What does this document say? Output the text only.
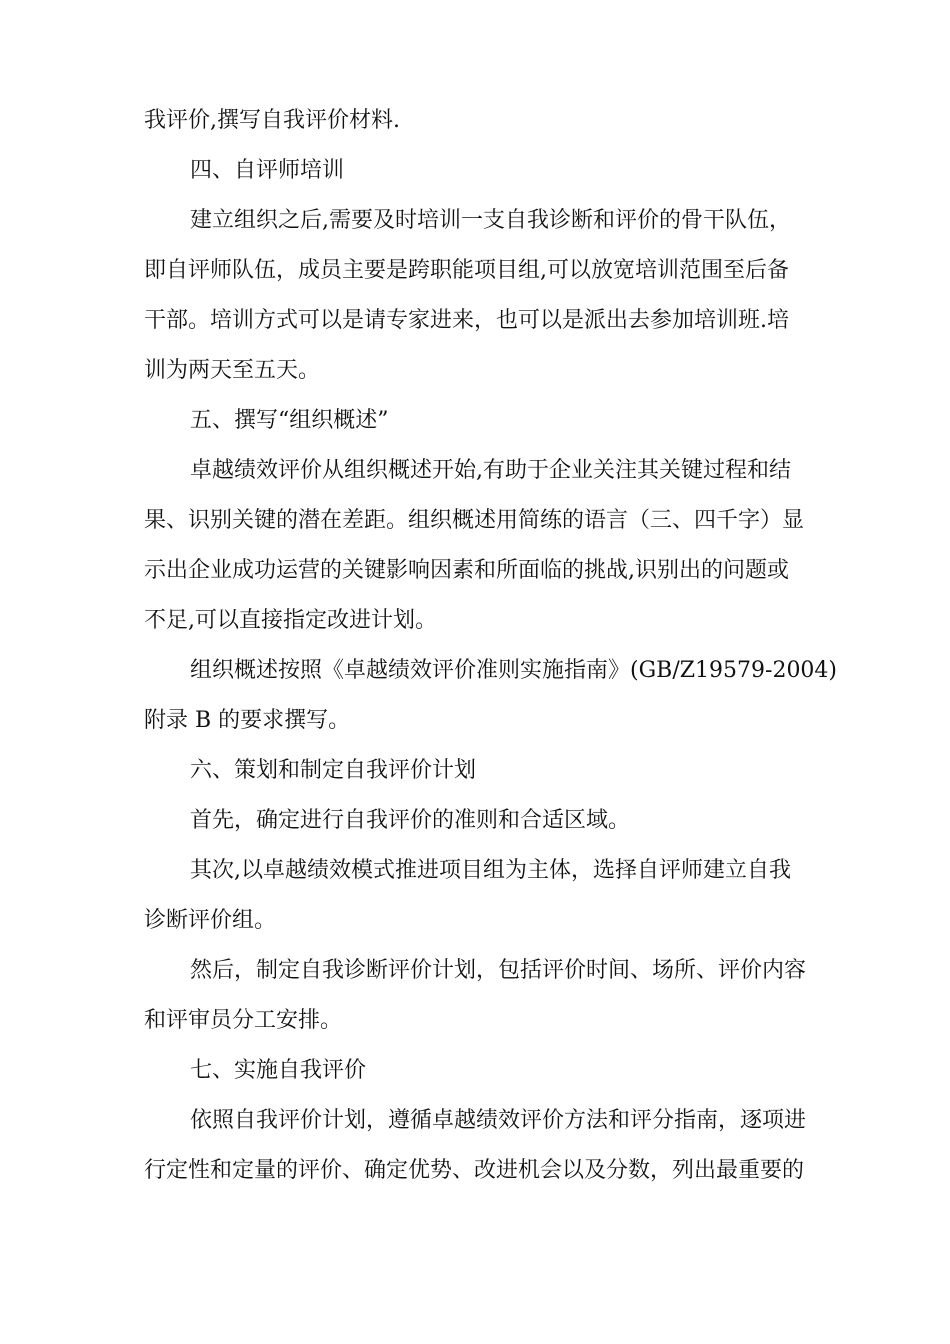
我评价,撰写自我评价材料.
四、自评师培训
建立组织之后,需要及时培训一支自我诊断和评价的骨干队伍，
即自评师队伍，成员主要是跨职能项目组,可以放宽培训范围至后备
干部。培训方式可以是请专家进来，也可以是派出去参加培训班.培
训为两天至五天。
五、撰写“组织概述”
卓越绩效评价从组织概述开始,有助于企业关注其关键过程和结
果、识别关键的潜在差距。组织概述用简练的语言（三、四千字）显
示出企业成功运营的关键影响因素和所面临的挑战,识别出的问题或
不足,可以直接指定改进计划。
组织概述按照《卓越绩效评价准则实施指南》(GB/Z19579-2004)
附录 B 的要求撰写。
六、策划和制定自我评价计划
首先，确定进行自我评价的准则和合适区域。
其次,以卓越绩效模式推进项目组为主体，选择自评师建立自我
诊断评价组。
然后，制定自我诊断评价计划，包括评价时间、场所、评价内容
和评审员分工安排。
七、实施自我评价
依照自我评价计划，遵循卓越绩效评价方法和评分指南，逐项进
行定性和定量的评价、确定优势、改进机会以及分数，列出最重要的
